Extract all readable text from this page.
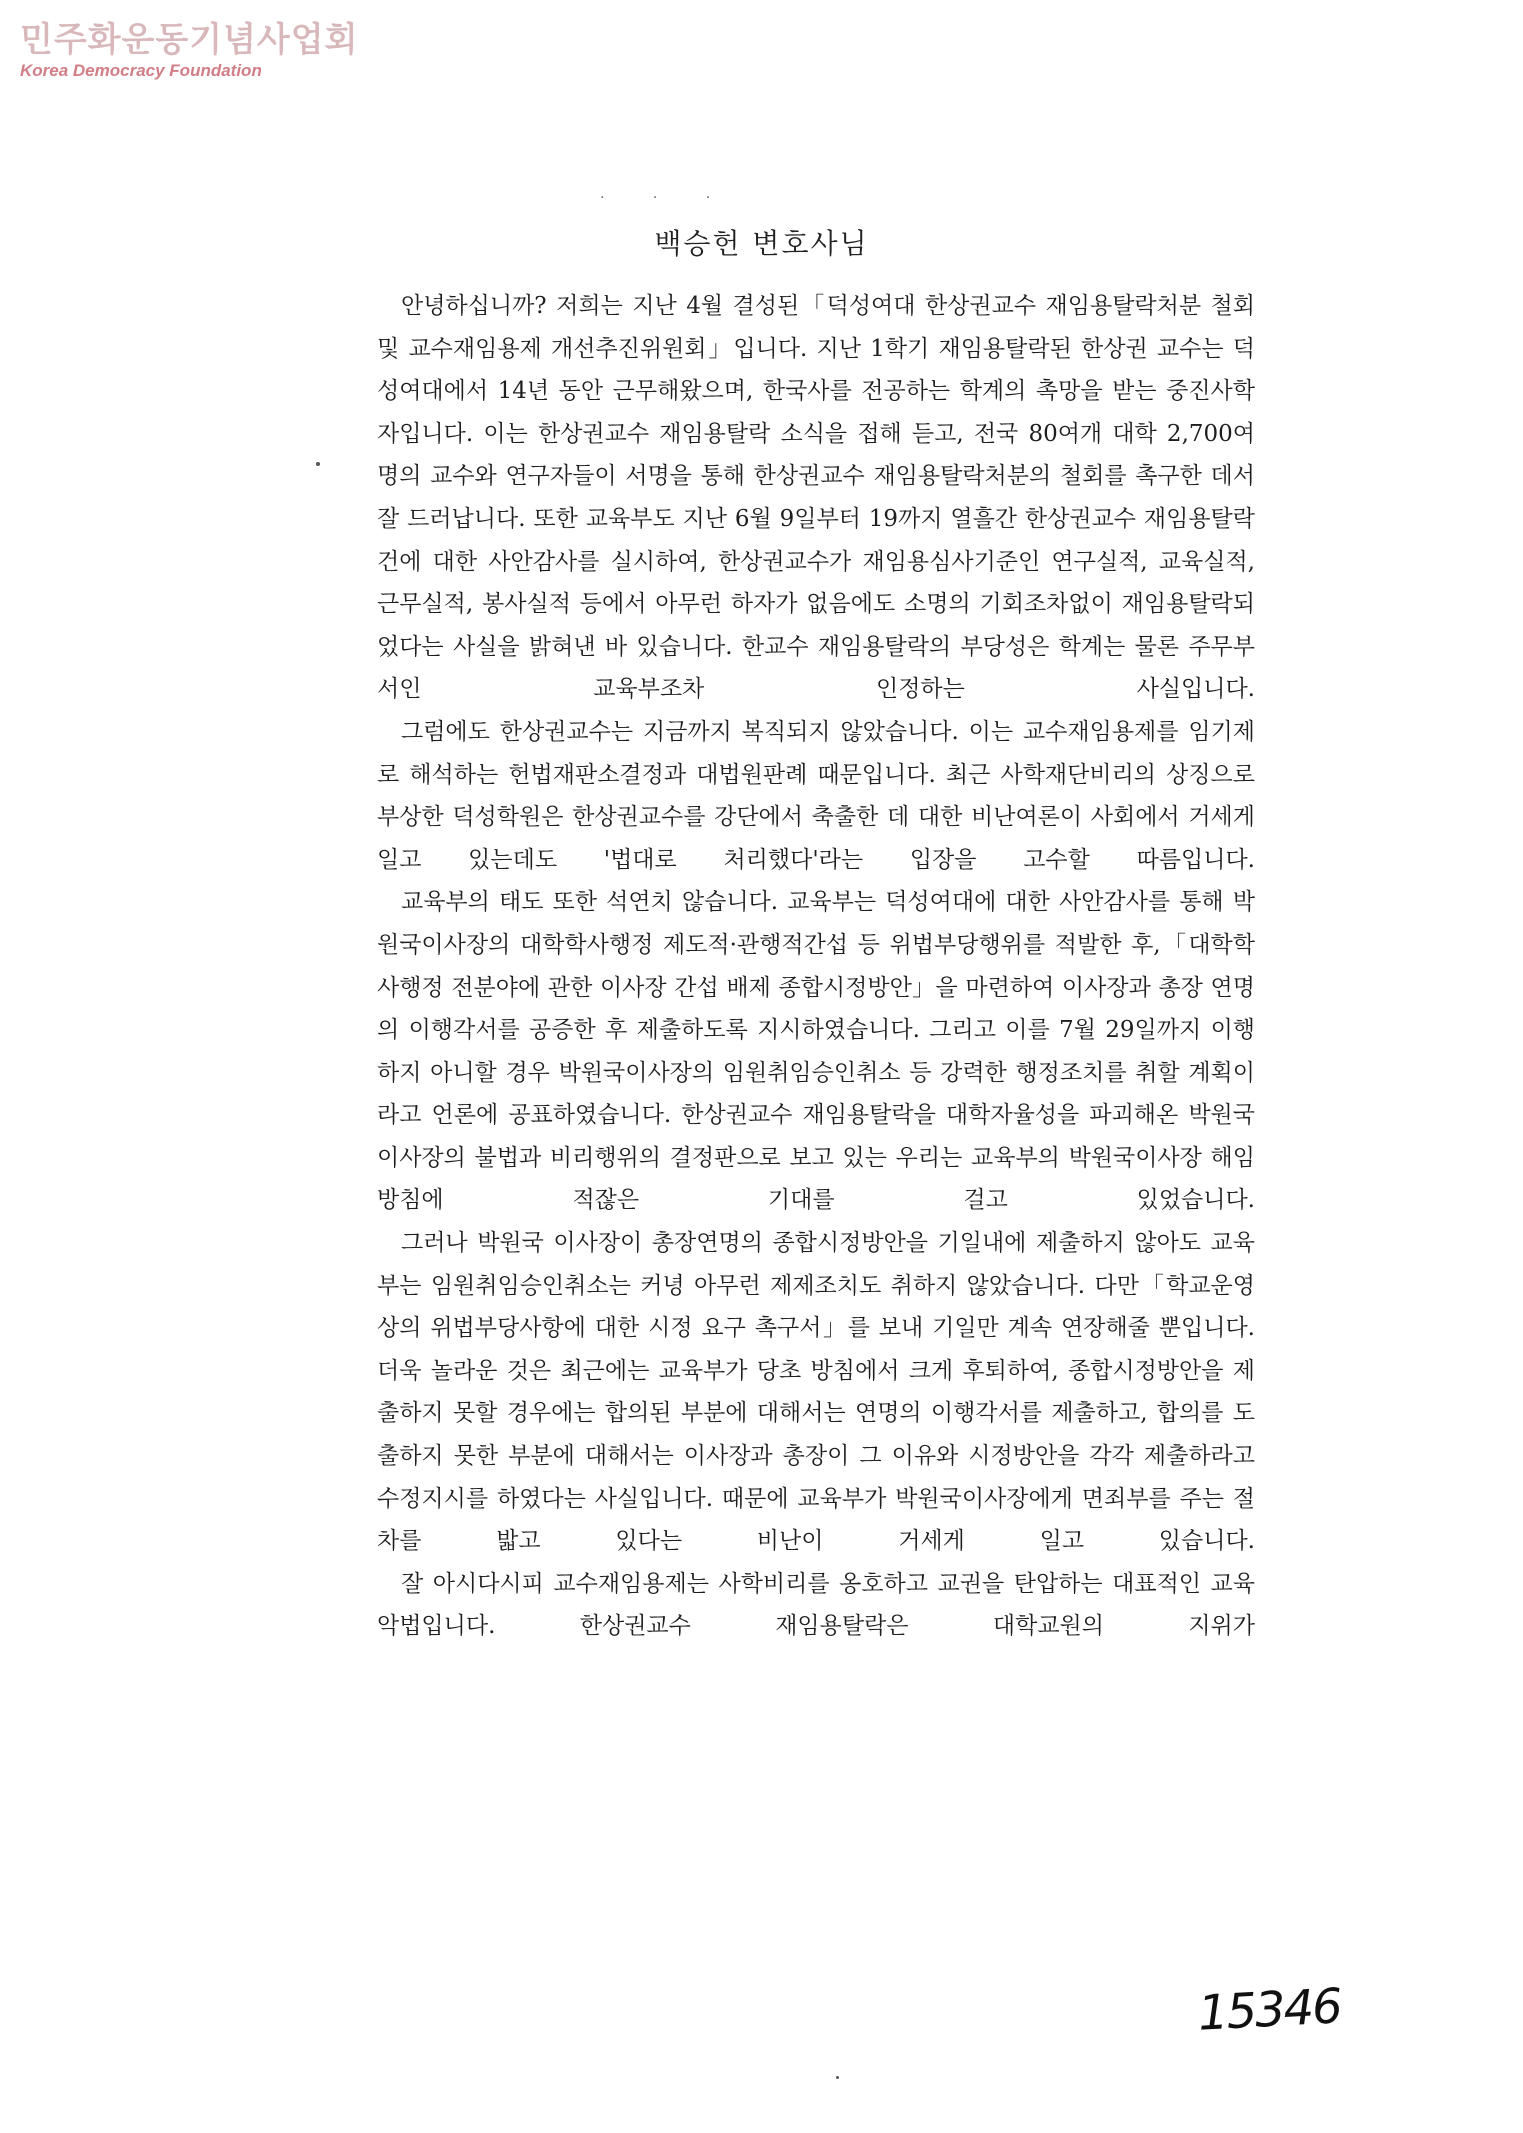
민주화운동기념사업회
Korea Democracy Foundation
· · ·
백승헌 변호사님

안녕하십니까? 저희는 지난 4월 결성된「덕성여대 한상권교수 재임용탈락처분 철회 및 교수재임용제 개선추진위원회」입니다. 지난 1학기 재임용탈락된 한상권 교수는 덕성여대에서 14년 동안 근무해왔으며, 한국사를 전공하는 학계의 촉망을 받는 중진사학자입니다. 이는 한상권교수 재임용탈락 소식을 접해 듣고, 전국 80여개 대학 2,700여 명의 교수와 연구자들이 서명을 통해 한상권교수 재임용탈락처분의 철회를 촉구한 데서 잘 드러납니다. 또한 교육부도 지난 6월 9일부터 19까지 열흘간 한상권교수 재임용탈락건에 대한 사안감사를 실시하여, 한상권교수가 재임용심사기준인 연구실적, 교육실적, 근무실적, 봉사실적 등에서 아무런 하자가 없음에도 소명의 기회조차없이 재임용탈락되었다는 사실을 밝혀낸 바 있습니다. 한교수 재임용탈락의 부당성은 학계는 물론 주무부서인 교육부조차 인정하는 사실입니다.

그럼에도 한상권교수는 지금까지 복직되지 않았습니다. 이는 교수재임용제를 임기제로 해석하는 헌법재판소결정과 대법원판례 때문입니다. 최근 사학재단비리의 상징으로 부상한 덕성학원은 한상권교수를 강단에서 축출한 데 대한 비난여론이 사회에서 거세게 일고 있는데도 '법대로 처리했다'라는 입장을 고수할 따름입니다.

교육부의 태도 또한 석연치 않습니다. 교육부는 덕성여대에 대한 사안감사를 통해 박원국이사장의 대학학사행정 제도적·관행적간섭 등 위법부당행위를 적발한 후,「대학학사행정 전분야에 관한 이사장 간섭 배제 종합시정방안」을 마련하여 이사장과 총장 연명의 이행각서를 공증한 후 제출하도록 지시하였습니다. 그리고 이를 7월 29일까지 이행하지 아니할 경우 박원국이사장의 임원취임승인취소 등 강력한 행정조치를 취할 계획이라고 언론에 공표하였습니다. 한상권교수 재임용탈락을 대학자율성을 파괴해온 박원국이사장의 불법과 비리행위의 결정판으로 보고 있는 우리는 교육부의 박원국이사장 해임방침에 적잖은 기대를 걸고 있었습니다.

그러나 박원국 이사장이 총장연명의 종합시정방안을 기일내에 제출하지 않아도 교육부는 임원취임승인취소는 커녕 아무런 제제조치도 취하지 않았습니다. 다만「학교운영상의 위법부당사항에 대한 시정 요구 촉구서」를 보내 기일만 계속 연장해줄 뿐입니다. 더욱 놀라운 것은 최근에는 교육부가 당초 방침에서 크게 후퇴하여, 종합시정방안을 제출하지 못할 경우에는 합의된 부분에 대해서는 연명의 이행각서를 제출하고, 합의를 도출하지 못한 부분에 대해서는 이사장과 총장이 그 이유와 시정방안을 각각 제출하라고 수정지시를 하였다는 사실입니다. 때문에 교육부가 박원국이사장에게 면죄부를 주는 절차를 밟고 있다는 비난이 거세게 일고 있습니다.

잘 아시다시피 교수재임용제는 사학비리를 옹호하고 교권을 탄압하는 대표적인 교육악법입니다. 한상권교수 재임용탈락은 대학교원의 지위가

15346
